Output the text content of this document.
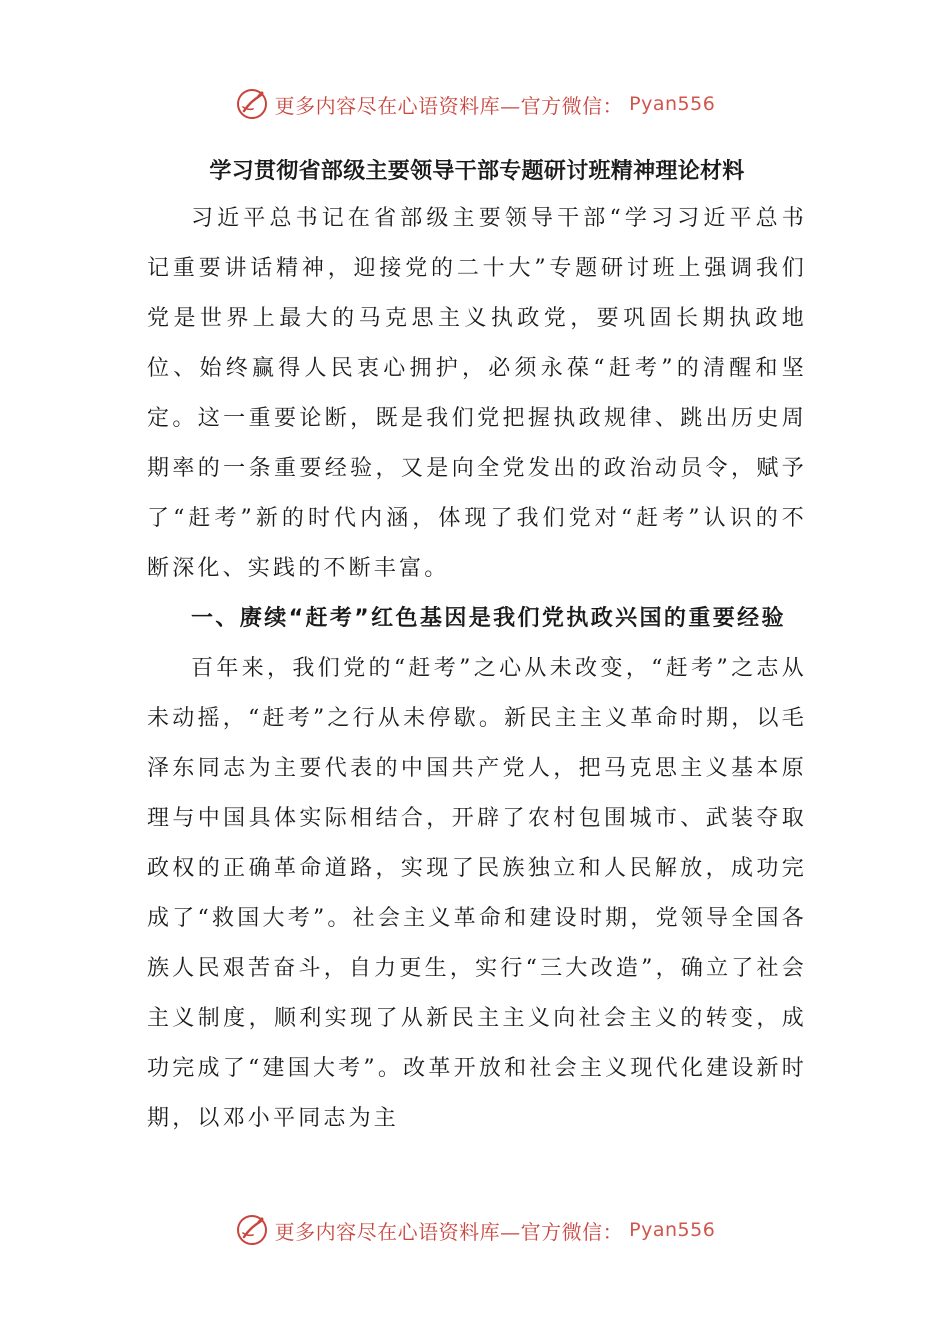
更多内容尽在心语资料库—官方微信： Pyan556
学习贯彻省部级主要领导干部专题研讨班精神理论材料

习近平总书记在省部级主要领导干部“学习习近平总书记重要讲话精神，迎接党的二十大”专题研讨班上强调我们党是世界上最大的马克思主义执政党，要巩固长期执政地位、始终赢得人民衷心拥护，必须永葆“赶考”的清醒和坚定。这一重要论断，既是我们党把握执政规律、跳出历史周期率的一条重要经验，又是向全党发出的政治动员令，赋予了“赶考”新的时代内涵，体现了我们党对“赶考”认识的不断深化、实践的不断丰富。

一、赓续“赶考”红色基因是我们党执政兴国的重要经验

百年来，我们党的“赶考”之心从未改变，“赶考”之志从未动摇，“赶考”之行从未停歇。新民主主义革命时期，以毛泽东同志为主要代表的中国共产党人，把马克思主义基本原理与中国具体实际相结合，开辟了农村包围城市、武装夺取政权的正确革命道路，实现了民族独立和人民解放，成功完成了“救国大考”。社会主义革命和建设时期，党领导全国各族人民艰苦奋斗，自力更生，实行“三大改造”，确立了社会主义制度，顺利实现了从新民主主义向社会主义的转变，成功完成了“建国大考”。改革开放和社会主义现代化建设新时期，以邓小平同志为主

更多内容尽在心语资料库—官方微信： Pyan556
